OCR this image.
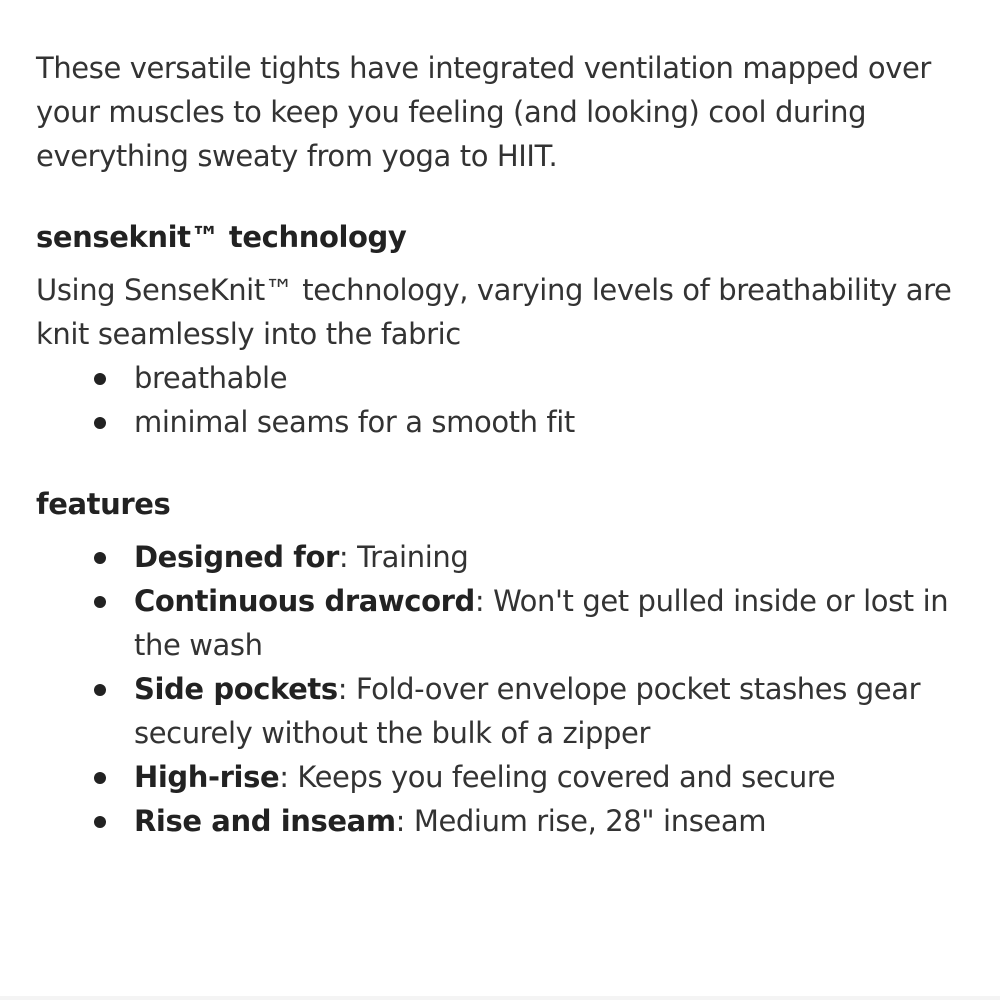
These versatile tights have integrated ventilation mapped over your muscles to keep you feeling (and looking) cool during everything sweaty from yoga to HIIT.

senseknit™ technology

Using SenseKnit™ technology, varying levels of breathability are knit seamlessly into the fabric

breathable
minimal seams for a smooth fit
features
Designed for: Training
Continuous drawcord: Won't get pulled inside or lost in the wash
Side pockets: Fold-over envelope pocket stashes gear securely without the bulk of a zipper
High-rise: Keeps you feeling covered and secure
Rise and inseam: Medium rise, 28" inseam
